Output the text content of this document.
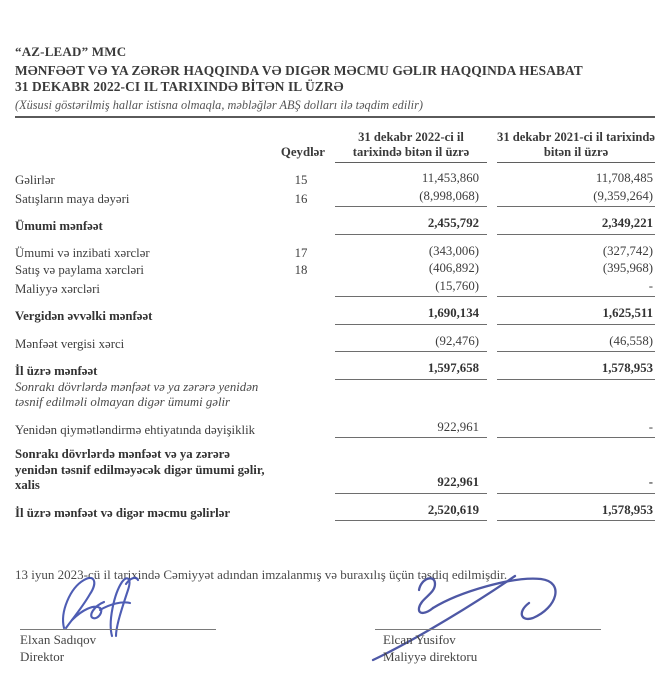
“AZ-LEAD” MMC
MƏNFƏƏT VƏ YA ZƏRƏR HAQQINDA VƏ DIGƏR MƏCMU GƏLIR HAQQINDA HESABAT
31 DEKABR 2022-CI IL TARIXINDƏ BİTƏN IL ÜZRƏ
(Xüsusi göstərilmiş hallar istisna olmaqla, məbləğlər ABŞ dolları ilə təqdim edilir)
Qeydlər
31 dekabr 2022-ci il tarixində bitən il üzrə
31 dekabr 2021-ci il tarixində bitən il üzrə
Gəlirlər	15	11,453,860	11,708,485
Satışların maya dəyəri	16	(8,998,068)	(9,359,264)
Ümumi mənfəət	2,455,792	2,349,221
Ümumi və inzibati xərclər	17	(343,006)	(327,742)
Satış və paylama xərcləri	18	(406,892)	(395,968)
Maliyyə xərcləri	(15,760)	-
Vergidən əvvəlki mənfəət	1,690,134	1,625,511
Mənfəət vergisi xərci	(92,476)	(46,558)
İl üzrə mənfəət	1,597,658	1,578,953
Sonrakı dövrlərdə mənfəət və ya zərərə yenidən təsnif edilməli olmayan digər ümumi gəlir
Yenidən qiymətləndirmə ehtiyatında dəyişiklik	922,961	-
Sonrakı dövrlərdə mənfəət və ya zərərə yenidən təsnif edilməyəcək digər ümumi gəlir, xalis	922,961	-
İl üzrə mənfəət və digər məcmu gəlirlər	2,520,619	1,578,953
13 iyun 2023-cü il tarixində Cəmiyyət adından imzalanmış və buraxılış üçün təsdiq edilmişdir.
Elxan Sadıqov
Direktor
Elcan Yusifov
Maliyyə direktoru
